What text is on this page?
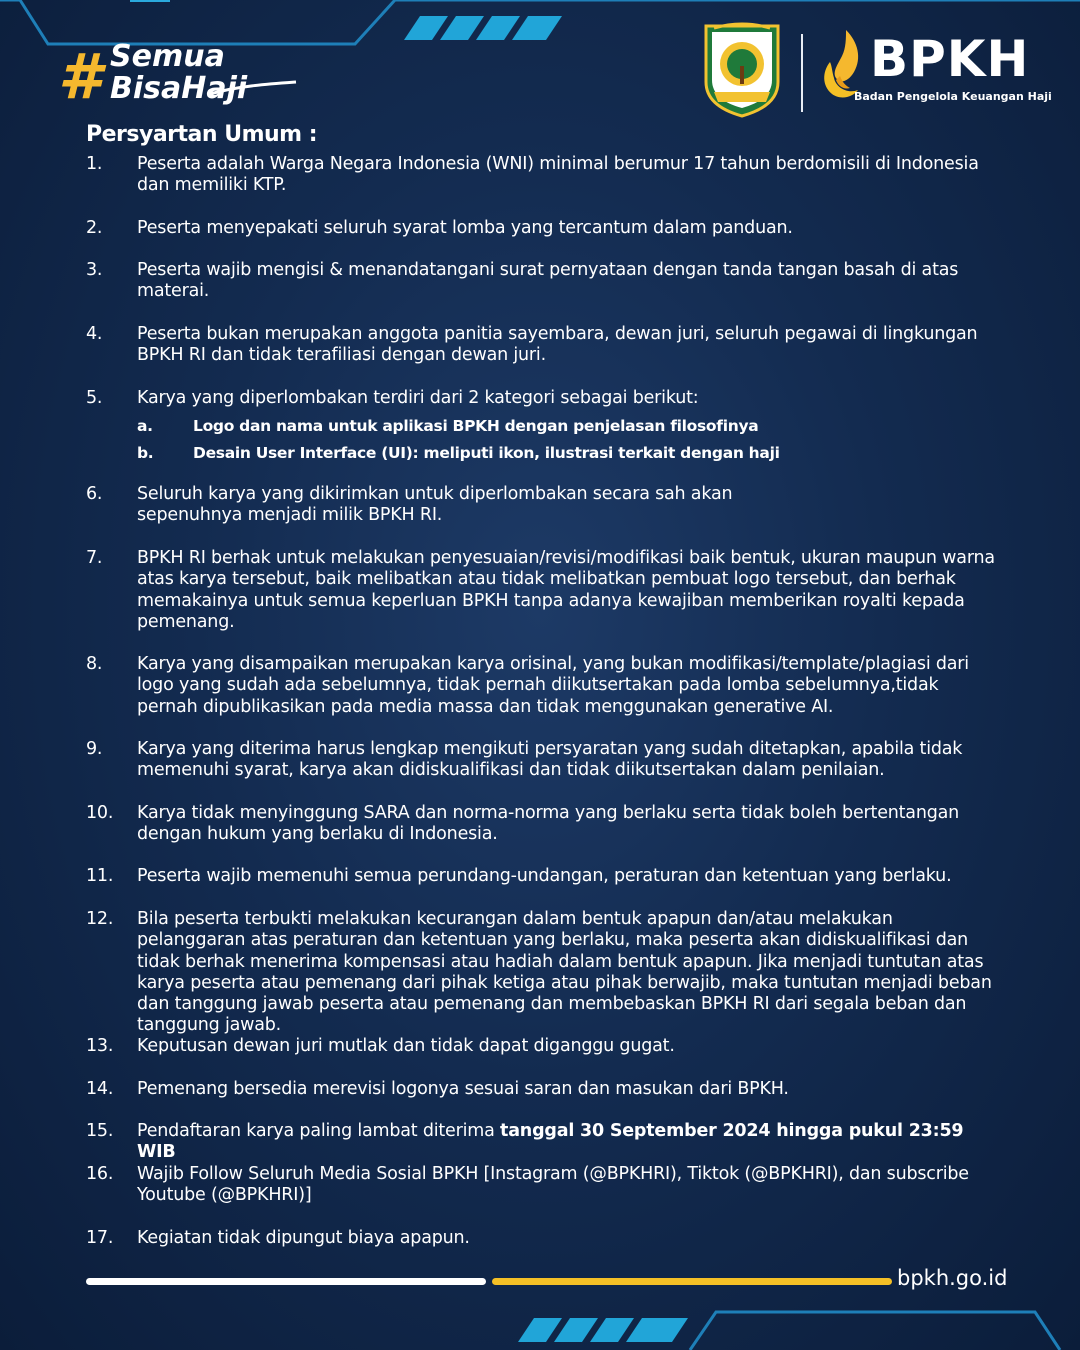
# Semua
BisaHaji
BPKH
Badan Pengelola Keuangan Haji
Persyartan Umum :
1. Peserta adalah Warga Negara Indonesia (WNI) minimal berumur 17 tahun berdomisili di Indonesia dan memiliki KTP.
2. Peserta menyepakati seluruh syarat lomba yang tercantum dalam panduan.
3. Peserta wajib mengisi & menandatangani surat pernyataan dengan tanda tangan basah di atas materai.
4. Peserta bukan merupakan anggota panitia sayembara, dewan juri, seluruh pegawai di lingkungan BPKH RI dan tidak terafiliasi dengan dewan juri.
5. Karya yang diperlombakan terdiri dari 2 kategori sebagai berikut:
a.	Logo dan nama untuk aplikasi BPKH dengan penjelasan filosofinya
b.	Desain User Interface (UI): meliputi ikon, ilustrasi terkait dengan haji
6. Seluruh karya yang dikirimkan untuk diperlombakan secara sah akan sepenuhnya menjadi milik BPKH RI.
7. BPKH RI berhak untuk melakukan penyesuaian/revisi/modifikasi baik bentuk, ukuran maupun warna atas karya tersebut, baik melibatkan atau tidak melibatkan pembuat logo tersebut, dan berhak memakainya untuk semua keperluan BPKH tanpa adanya kewajiban memberikan royalti kepada pemenang.
8. Karya yang disampaikan merupakan karya orisinal, yang bukan modifikasi/template/plagiasi dari logo yang sudah ada sebelumnya, tidak pernah diikutsertakan pada lomba sebelumnya,tidak pernah dipublikasikan pada media massa dan tidak menggunakan generative AI.
9. Karya yang diterima harus lengkap mengikuti persyaratan yang sudah ditetapkan, apabila tidak memenuhi syarat, karya akan didiskualifikasi dan tidak diikutsertakan dalam penilaian.
10. Karya tidak menyinggung SARA dan norma-norma yang berlaku serta tidak boleh bertentangan dengan hukum yang berlaku di Indonesia.
11. Peserta wajib memenuhi semua perundang-undangan, peraturan dan ketentuan yang berlaku.
12. Bila peserta terbukti melakukan kecurangan dalam bentuk apapun dan/atau melakukan pelanggaran atas peraturan dan ketentuan yang berlaku, maka peserta akan didiskualifikasi dan tidak berhak menerima kompensasi atau hadiah dalam bentuk apapun. Jika menjadi tuntutan atas karya peserta atau pemenang dari pihak ketiga atau pihak berwajib, maka tuntutan menjadi beban dan tanggung jawab peserta atau pemenang dan membebaskan BPKH RI dari segala beban dan tanggung jawab.
13. Keputusan dewan juri mutlak dan tidak dapat diganggu gugat.
14. Pemenang bersedia merevisi logonya sesuai saran dan masukan dari BPKH.
15. Pendaftaran karya paling lambat diterima tanggal 30 September 2024 hingga pukul 23:59 WIB
16. Wajib Follow Seluruh Media Sosial BPKH [Instagram (@BPKHRI), Tiktok (@BPKHRI), dan subscribe Youtube (@BPKHRI)]
17. Kegiatan tidak dipungut biaya apapun.
bpkh.go.id
